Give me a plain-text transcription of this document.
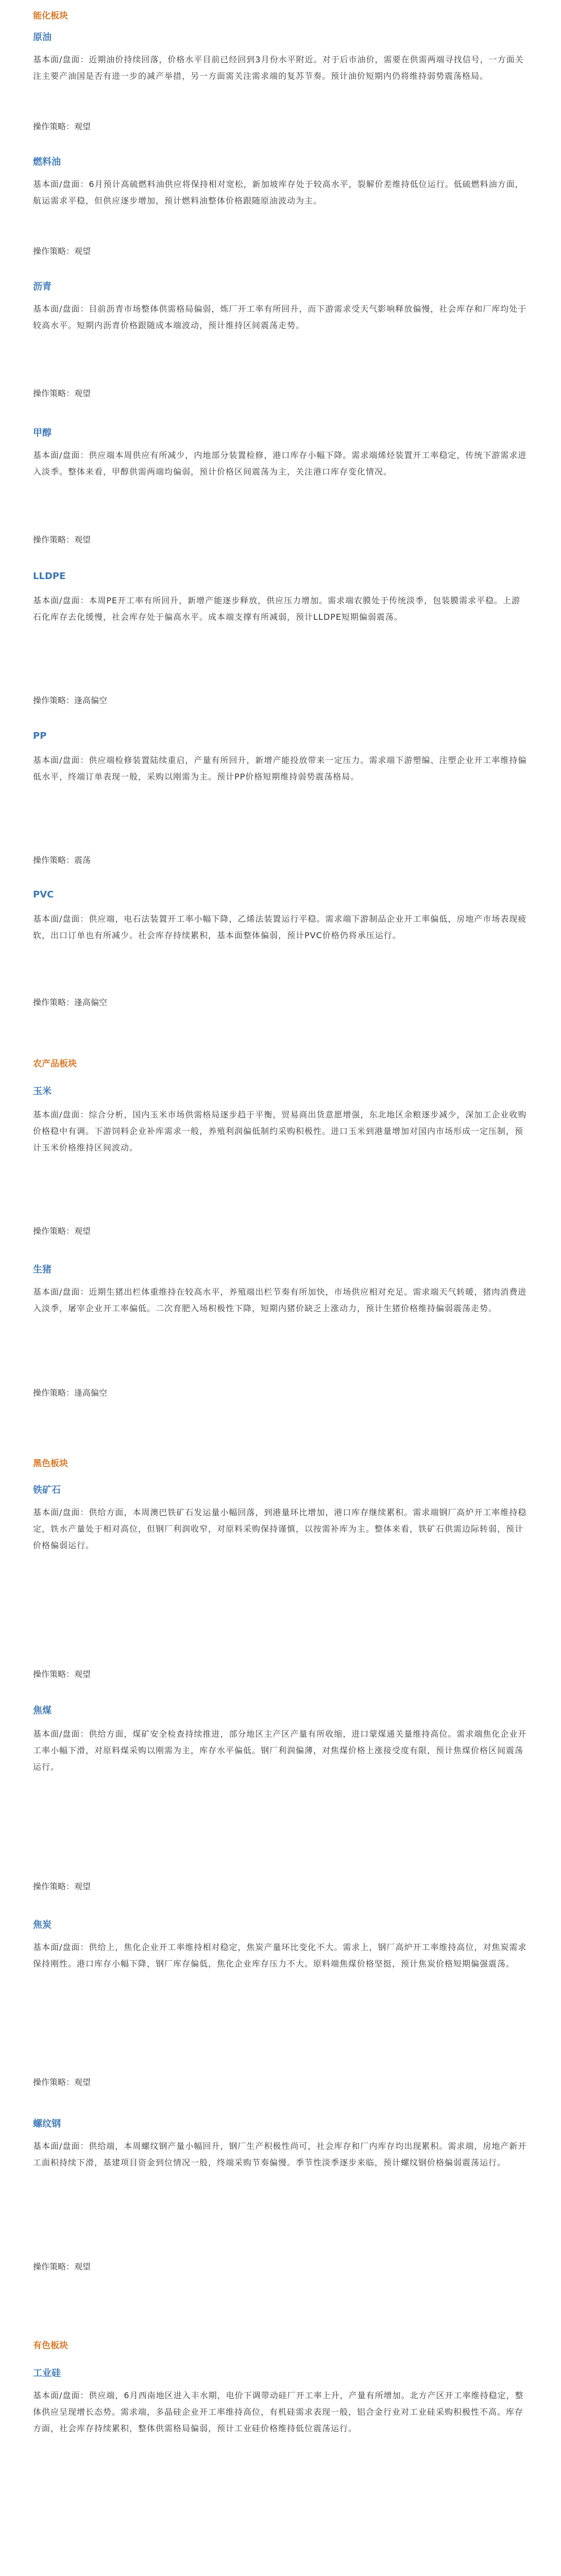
能化板块

原油

基本面/盘面：近期油价持续回落，价格水平目前已经回到3月份水平附近。对于后市油价，需要在供需两端寻找信号，一方面关注主要产油国是否有进一步的减产举措，另一方面需关注需求端的复苏节奏。预计油价短期内仍将维持弱势震荡格局。

操作策略：观望

燃料油

基本面/盘面：6月预计高硫燃料油供应将保持相对宽松，新加坡库存处于较高水平，裂解价差维持低位运行。低硫燃料油方面，航运需求平稳，但供应逐步增加，预计燃料油整体价格跟随原油波动为主。

操作策略：观望

沥青

基本面/盘面：目前沥青市场整体供需格局偏弱，炼厂开工率有所回升，而下游需求受天气影响释放偏慢，社会库存和厂库均处于较高水平。短期内沥青价格跟随成本端波动，预计维持区间震荡走势。

操作策略：观望

甲醇

基本面/盘面：供应端本周供应有所减少，内地部分装置检修，港口库存小幅下降。需求端烯烃装置开工率稳定，传统下游需求进入淡季。整体来看，甲醇供需两端均偏弱，预计价格区间震荡为主，关注港口库存变化情况。

操作策略：观望

LLDPE

基本面/盘面：本周PE开工率有所回升，新增产能逐步释放，供应压力增加。需求端农膜处于传统淡季，包装膜需求平稳。上游石化库存去化缓慢，社会库存处于偏高水平。成本端支撑有所减弱，预计LLDPE短期偏弱震荡。

操作策略：逢高偏空

PP

基本面/盘面：供应端检修装置陆续重启，产量有所回升，新增产能投放带来一定压力。需求端下游塑编、注塑企业开工率维持偏低水平，终端订单表现一般，采购以刚需为主。预计PP价格短期维持弱势震荡格局。

操作策略：震荡

PVC

基本面/盘面：供应端，电石法装置开工率小幅下降，乙烯法装置运行平稳。需求端下游制品企业开工率偏低，房地产市场表现疲软，出口订单也有所减少。社会库存持续累积，基本面整体偏弱，预计PVC价格仍将承压运行。

操作策略：逢高偏空

农产品板块

玉米

基本面/盘面：综合分析，国内玉米市场供需格局逐步趋于平衡，贸易商出货意愿增强，东北地区余粮逐步减少，深加工企业收购价格稳中有调。下游饲料企业补库需求一般，养殖利润偏低制约采购积极性。进口玉米到港量增加对国内市场形成一定压制，预计玉米价格维持区间波动。

操作策略：观望

生猪

基本面/盘面：近期生猪出栏体重维持在较高水平，养殖端出栏节奏有所加快，市场供应相对充足。需求端天气转暖，猪肉消费进入淡季，屠宰企业开工率偏低。二次育肥入场积极性下降，短期内猪价缺乏上涨动力，预计生猪价格维持偏弱震荡走势。

操作策略：逢高偏空

黑色板块

铁矿石

基本面/盘面：供给方面，本周澳巴铁矿石发运量小幅回落，到港量环比增加，港口库存继续累积。需求端钢厂高炉开工率维持稳定，铁水产量处于相对高位，但钢厂利润收窄，对原料采购保持谨慎，以按需补库为主。整体来看，铁矿石供需边际转弱，预计价格偏弱运行。

操作策略：观望

焦煤

基本面/盘面：供给方面，煤矿安全检查持续推进，部分地区主产区产量有所收缩，进口蒙煤通关量维持高位。需求端焦化企业开工率小幅下滑，对原料煤采购以刚需为主，库存水平偏低。钢厂利润偏薄，对焦煤价格上涨接受度有限，预计焦煤价格区间震荡运行。

操作策略：观望

焦炭

基本面/盘面：供给上，焦化企业开工率维持相对稳定，焦炭产量环比变化不大。需求上，钢厂高炉开工率维持高位，对焦炭需求保持刚性。港口库存小幅下降，钢厂库存偏低，焦化企业库存压力不大。原料端焦煤价格坚挺，预计焦炭价格短期偏强震荡。

操作策略：观望

螺纹钢

基本面/盘面：供给端，本周螺纹钢产量小幅回升，钢厂生产积极性尚可，社会库存和厂内库存均出现累积。需求端，房地产新开工面积持续下滑，基建项目资金到位情况一般，终端采购节奏偏慢。季节性淡季逐步来临，预计螺纹钢价格偏弱震荡运行。

操作策略：观望

有色板块

工业硅

基本面/盘面：供应端，6月西南地区进入丰水期，电价下调带动硅厂开工率上升，产量有所增加。北方产区开工率维持稳定，整体供应呈现增长态势。需求端，多晶硅企业开工率维持高位，有机硅需求表现一般，铝合金行业对工业硅采购积极性不高。库存方面，社会库存持续累积，整体供需格局偏弱，预计工业硅价格维持低位震荡运行。
